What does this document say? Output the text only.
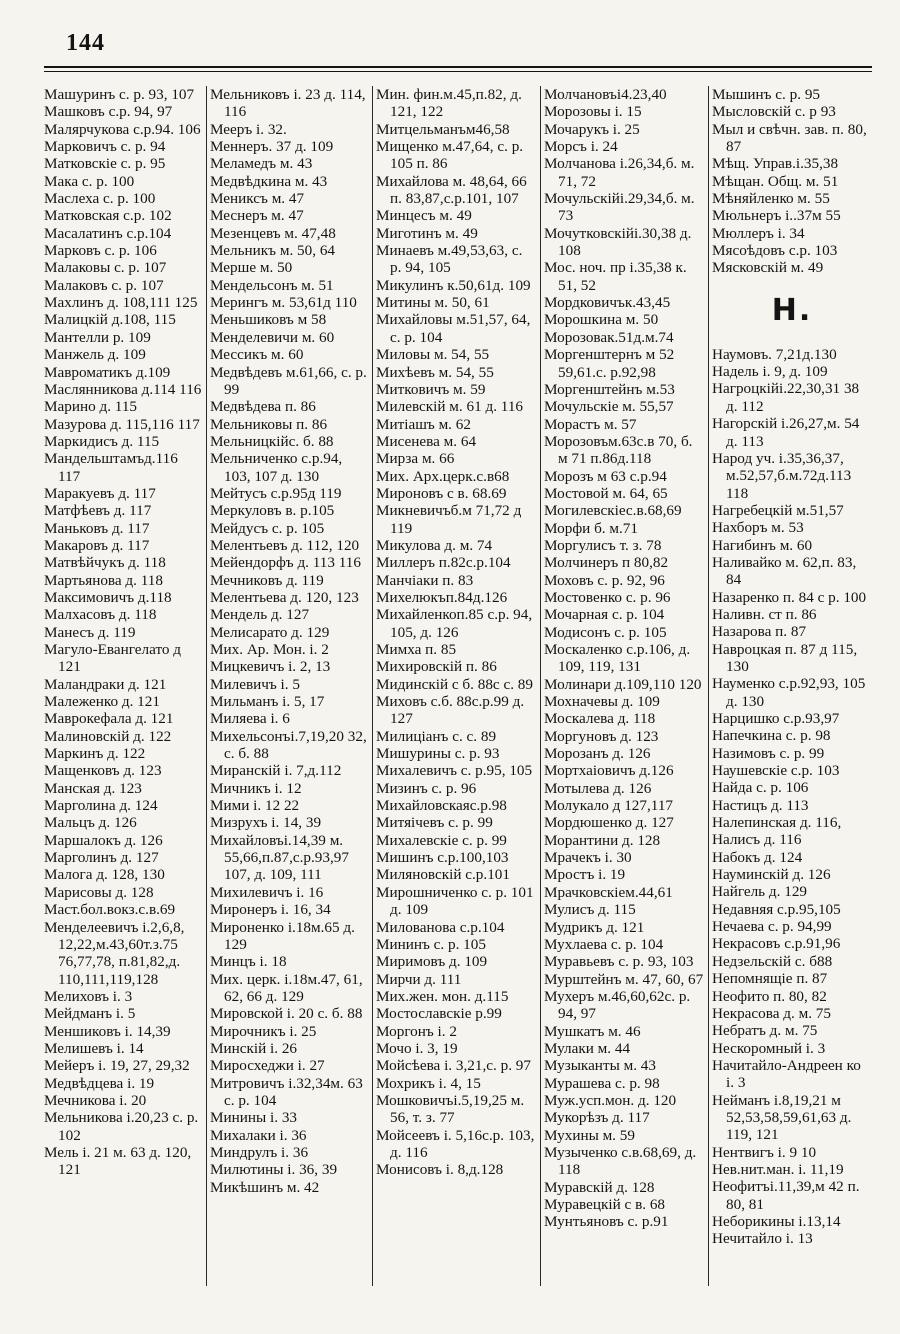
144
Машуринъ с. р. 93, 107
Машковъ с.р. 94, 97
Малярчукова с.р.94. 106
Марковичъ с. р. 94
Матковскіе с. р. 95
Мака с. р. 100
Маслеха с. р. 100
Матковская с.р. 102
Масалатинъ с.р.104
Марковъ с. р. 106
Малаковы с. р. 107
Малаковъ с. р. 107
Махлинъ д. 108,111 125
Малицкій д.108, 115
Мантелли р. 109
Манжель д. 109
Мавроматикъ д.109
Маслянникова д.114 116
Марино д. 115
Мазурова д. 115,116 117
Маркидисъ д. 115
Мандельштамъд.116 117
Маракуевъ д. 117
Матфѣевъ д. 117
Маньковъ д. 117
Макаровъ д. 117
Матвѣйчукъ д. 118
Мартьянова д. 118
Максимовичъ д.118
Малхасовъ д. 118
Манесъ д. 119
Магуло-Евангелато д 121
Маландраки д. 121
Малеженко д. 121
Маврокефала д. 121
Малиновскій д. 122
Маркинъ д. 122
Мащенковъ д. 123
Манская д. 123
Марголина д. 124
Мальцъ д. 126
Маршалокъ д. 126
Марголинъ д. 127
Малога д. 128, 130
Марисовы д. 128
Маст.бол.вокз.с.в.69
Менделеевичъ і.2,6,8, 12,22,м.43,60т.з.75 76,77,78, п.81,82,д. 110,111,119,128
Мелиховъ і. 3
Мейдманъ і. 5
Меншиковъ і. 14,39
Мелишевъ і. 14
Мейеръ і. 19, 27, 29,32
Медвѣдцева і. 19
Мечникова і. 20
Мельникова і.20,23 с. р. 102
Мель і. 21 м. 63 д. 120, 121
Мельниковъ і. 23 д. 114, 116
Мееръ і. 32.
Меннеръ. 37 д. 109
Меламедъ м. 43
Медвѣдкина м. 43
Мениксъ м. 47
Меснеръ м. 47
Мезенцевъ м. 47,48
Мельникъ м. 50, 64
Мерше м. 50
Мендельсонъ м. 51
Мерингъ м. 53,61д 110
Меньшиковъ м 58
Менделевичи м. 60
Мессикъ м. 60
Медвѣдевъ м.61,66, с. р. 99
Медвѣдева п. 86
Мельниковы п. 86
Мельницкійс. б. 88
Мельниченко с.р.94, 103, 107 д. 130
Мейтусъ с.р.95д 119
Меркуловъ в. р.105
Мейдусъ с. р. 105
Мелентьевъ д. 112, 120
Мейендорфъ д. 113 116
Мечниковъ д. 119
Мелентьева д. 120, 123
Мендель д. 127
Мелисарато д. 129
Мих. Ар. Мон. і. 2
Мицкевичъ і. 2, 13
Милевичъ і. 5
Мильманъ і. 5, 17
Миляева і. 6
Михельсонъі.7,19,20 32, с. б. 88
Миранскій і. 7,д.112
Мичникъ і. 12
Мими і. 12 22
Мизрухъ і. 14, 39
Михайловъі.14,39 м. 55,66,п.87,с.р.93,97 107, д. 109, 111
Михилевичъ і. 16
Миронеръ і. 16, 34
Мироненко і.18м.65 д. 129
Минцъ і. 18
Мих. церк. і.18м.47, 61, 62, 66 д. 129
Мировской і. 20 с. б. 88
Мирочникъ і. 25
Минскій і. 26
Миросхеджи і. 27
Митровичъ і.32,34м. 63 с. р. 104
Минины і. 33
Михалаки і. 36
Миндрулъ і. 36
Милютины і. 36, 39
Микѣшинъ м. 42
Мин. фин.м.45,п.82, д. 121, 122
Митцельманъм46,58
Мищенко м.47,64, с. р. 105 п. 86
Михайлова м. 48,64, 66 п. 83,87,с.р.101, 107
Минцесъ м. 49
Миготинъ м. 49
Минаевъ м.49,53,63, с. р. 94, 105
Микулинъ к.50,61д. 109
Митины м. 50, 61
Михайловы м.51,57, 64, с. р. 104
Миловы м. 54, 55
Михѣевъ м. 54, 55
Митковичъ м. 59
Милевскій м. 61 д. 116
Митiашъ м. 62
Мисенева м. 64
Мирза м. 66
Мих. Арх.церк.с.в68
Мироновъ с в. 68.69
Микневичъб.м 71,72 д 119
Микулова д. м. 74
Миллеръ п.82с.р.104
Манчіаки п. 83
Михелюкъп.84д.126
Михайленкоп.85 с.р. 94, 105, д. 126
Мимха п. 85
Михировскій п. 86
Мидинскій с б. 88с с. 89
Миховъ с.б. 88с.р.99 д. 127
Милиціанъ с. с. 89
Мишурины с. р. 93
Михалевичъ с. р.95, 105
Мизинъ с. р. 96
Михайловскаяс.р.98
Митяічевъ с. р. 99
Михалевскіе с. р. 99
Мишинъ с.р.100,103
Миляновскій с.р.101
Мирошниченко с. р. 101 д. 109
Милованова с.р.104
Мининъ с. р. 105
Миримовъ д. 109
Мирчи д. 111
Мих.жен. мон. д.115
Мостославскіе р.99
Моргонъ і. 2
Мочо і. 3, 19
Мойсѣева і. 3,21,с. р. 97
Мохрикъ і. 4, 15
Мошковичъі.5,19,25 м. 56, т. з. 77
Мойсеевъ і. 5,16с.р. 103, д. 116
Монисовъ і. 8,д.128
Молчановъі4.23,40
Морозовы і. 15
Мочарукъ і. 25
Морсъ і. 24
Молчанова і.26,34,б. м. 71, 72
Мочульскійі.29,34,б. м. 73
Мочутковскійі.30,38 д. 108
Мос. ноч. пр і.35,38 к. 51, 52
Мордковичък.43,45
Морошкина м. 50
Морозовак.51д.м.74
Моргенштернъ м 52 59,61.с. р.92,98
Моргенштейнъ м.53
Мочульскіе м. 55,57
Морастъ м. 57
Морозовъм.63с.в 70, б. м 71 п.86д.118
Морозъ м 63 с.р.94
Мостовой м. 64, 65
Могилевскіес.в.68,69
Морфи б. м.71
Моргулисъ т. з. 78
Молчинеръ п 80,82
Моховъ с. р. 92, 96
Мостовенко с. р. 96
Мочарная с. р. 104
Модисонъ с. р. 105
Москаленко с.р.106, д. 109, 119, 131
Молинари д.109,110 120
Мохначевы д. 109
Москалева д. 118
Моргуновъ д. 123
Морозанъ д. 126
Мортхаіовичъ д.126
Мотылева д. 126
Молукало д 127,117
Мордюшенко д. 127
Морантини д. 128
Мрачекъ і. 30
Мростъ і. 19
Мрачковскіем.44,61
Мулисъ д. 115
Мудрикъ д. 121
Мухлаева с. р. 104
Муравьевъ с. р. 93, 103
Мурштейнъ м. 47, 60, 67
Мухеръ м.46,60,62с. р. 94, 97
Мушкатъ м. 46
Мулаки м. 44
Музыканты м. 43
Мурашева с. р. 98
Муж.усп.мон. д. 120
Мукорѣзъ д. 117
Мухины м. 59
Музыченко с.в.68,69, д. 118
Муравскій д. 128
Муравецкій с в. 68
Мунтьяновъ с. р.91
Мышинъ с. р. 95
Мысловскій с. р 93
Мыл и свѣчн. зав. п. 80, 87
Мѣщ. Управ.і.35,38
Мѣщан. Общ. м. 51
Мѣняйленко м. 55
Мюльнеръ і..37м 55
Мюллеръ і. 34
Мясоѣдовъ с.р. 103
Мясковскій м. 49
Н.
Наумовъ. 7,21д.130
Надель і. 9, д. 109
Нагроцкійі.22,30,31 38 д. 112
Нагорскій і.26,27,м. 54 д. 113
Народ уч. і.35,36,37, м.52,57,б.м.72д.113 118
Нагребецкій м.51,57
Нахборъ м. 53
Нагибинъ м. 60
Наливайко м. 62,п. 83, 84
Назаренко п. 84 с р. 100
Наливн. ст п. 86
Назарова п. 87
Навроцкая п. 87 д 115, 130
Науменко с.р.92,93, 105 д. 130
Нарцишко с.р.93,97
Напечкина с. р. 98
Назимовъ с. р. 99
Наушевскіе с.р. 103
Найда с. р. 106
Настицъ д. 113
Налепинская д. 116,
Налисъ д. 116
Набокъ д. 124
Науминскій д. 126
Найгель д. 129
Недавняя с.р.95,105
Нечаева с. р. 94,99
Некрасовъ с.р.91,96
Недзельскій с. б88
Непомнящіе п. 87
Неофито п. 80, 82
Некрасова д. м. 75
Небратъ д. м. 75
Нескоромный і. 3
Начитайло-Андреен ко і. 3
Нейманъ і.8,19,21 м 52,53,58,59,61,63 д. 119, 121
Нентвигъ і. 9 10
Нев.нит.ман. і. 11,19
Неофитъі.11,39,м 42 п. 80, 81
Неборикины і.13,14
Нечитайло і. 13
